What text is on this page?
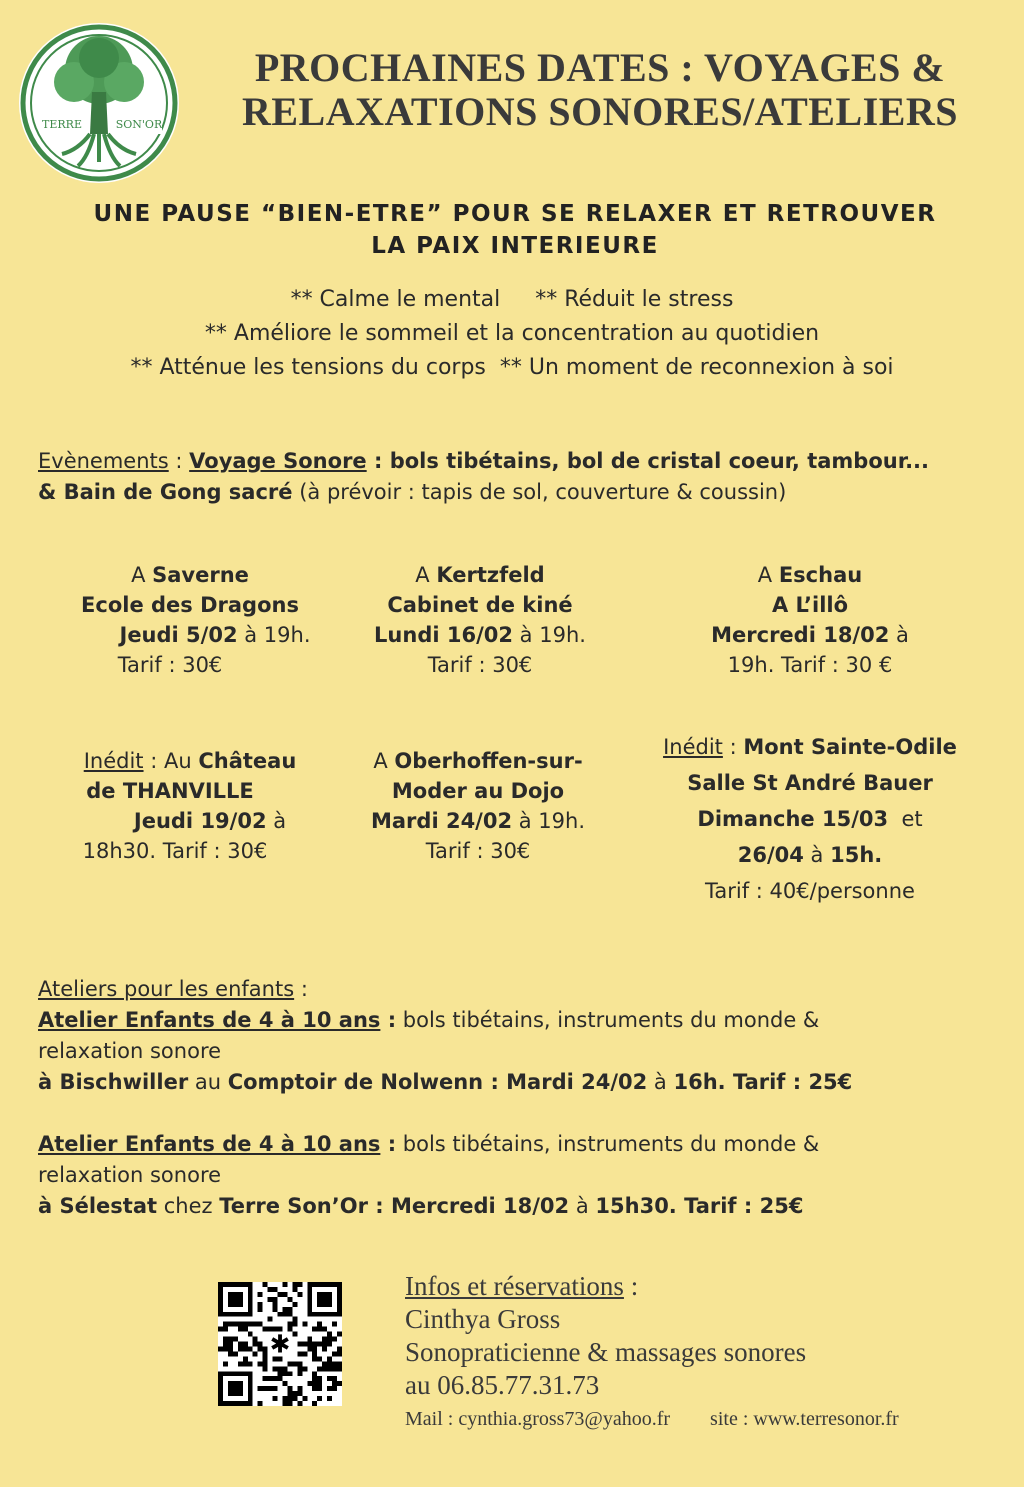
TERRE	SON'OR
PROCHAINES DATES : VOYAGES &
RELAXATIONS SONORES/ATELIERS
UNE PAUSE “BIEN-ETRE” POUR SE RELAXER ET RETROUVER
LA PAIX INTERIEURE
** Calme le mental     ** Réduit le stress
** Améliore le sommeil et la concentration au quotidien
** Atténue les tensions du corps  ** Un moment de reconnexion à soi
Evènements : Voyage Sonore : bols tibétains, bol de cristal coeur, tambour...
& Bain de Gong sacré (à prévoir : tapis de sol, couverture & coussin)
A Saverne
Ecole des Dragons
Jeudi 5/02 à 19h.
Tarif : 30€
A Kertzfeld
Cabinet de kiné
Lundi 16/02 à 19h.
Tarif : 30€
A Eschau
A L’illô
Mercredi 18/02 à
19h. Tarif : 30 €
Inédit : Au Château
de THANVILLE
Jeudi 19/02 à
18h30. Tarif : 30€
A Oberhoffen-sur-
Moder au Dojo
Mardi 24/02 à 19h.
Tarif : 30€
Inédit : Mont Sainte-Odile
Salle St André Bauer
Dimanche 15/03  et
26/04 à 15h.
Tarif : 40€/personne

Ateliers pour les enfants :

Atelier Enfants de 4 à 10 ans : bols tibétains, instruments du monde &

relaxation sonore

à Bischwiller au Comptoir de Nolwenn : Mardi 24/02 à 16h. Tarif : 25€

Atelier Enfants de 4 à 10 ans : bols tibétains, instruments du monde &

relaxation sonore

à Sélestat chez Terre Son’Or : Mercredi 18/02 à 15h30. Tarif : 25€

✱
Infos et réservations :
Cinthya Gross
Sonopraticienne & massages sonores
au 06.85.77.31.73
Mail : cynthia.gross73@yahoo.fr site : www.terresonor.fr
